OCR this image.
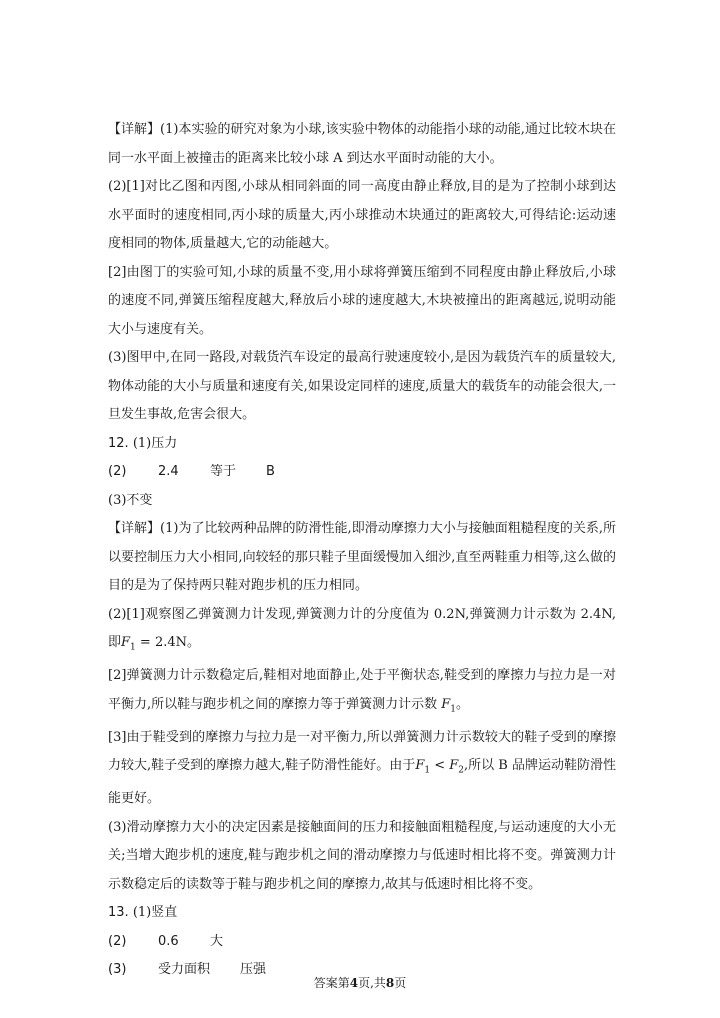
【详解】(1)本实验的研究对象为小球,该实验中物体的动能指小球的动能,通过比较木块在同一水平面上被撞击的距离来比较小球 A 到达水平面时动能的大小。

(2)[1]对比乙图和丙图,小球从相同斜面的同一高度由静止释放,目的是为了控制小球到达水平面时的速度相同,丙小球的质量大,丙小球推动木块通过的距离较大,可得结论:运动速度相同的物体,质量越大,它的动能越大。

[2]由图丁的实验可知,小球的质量不变,用小球将弹簧压缩到不同程度由静止释放后,小球的速度不同,弹簧压缩程度越大,释放后小球的速度越大,木块被撞出的距离越远,说明动能大小与速度有关。

(3)图甲中,在同一路段,对载货汽车设定的最高行驶速度较小,是因为载货汽车的质量较大,物体动能的大小与质量和速度有关,如果设定同样的速度,质量大的载货车的动能会很大,一旦发生事故,危害会很大。

12. (1)压力

(2)	2.4	等于	B

(3)不变

【详解】(1)为了比较两种品牌的防滑性能,即滑动摩擦力大小与接触面粗糙程度的关系,所以要控制压力大小相同,向较轻的那只鞋子里面缓慢加入细沙,直至两鞋重力相等,这么做的目的是为了保持两只鞋对跑步机的压力相同。

(2)[1]观察图乙弹簧测力计发现,弹簧测力计的分度值为 0.2N,弹簧测力计示数为 2.4N,即$F_1 = 2.4N$。

[2]弹簧测力计示数稳定后,鞋相对地面静止,处于平衡状态,鞋受到的摩擦力与拉力是一对平衡力,所以鞋与跑步机之间的摩擦力等于弹簧测力计示数 $F_1$。

[3]由于鞋受到的摩擦力与拉力是一对平衡力,所以弹簧测力计示数较大的鞋子受到的摩擦力较大,鞋子受到的摩擦力越大,鞋子防滑性能好。由于$F_1 < F_2$,所以 B 品牌运动鞋防滑性能更好。

(3)滑动摩擦力大小的决定因素是接触面间的压力和接触面粗糙程度,与运动速度的大小无关;当增大跑步机的速度,鞋与跑步机之间的滑动摩擦力与低速时相比将不变。弹簧测力计示数稳定后的读数等于鞋与跑步机之间的摩擦力,故其与低速时相比将不变。

13. (1)竖直

(2)	0.6	大
(3)	受力面积	压强
答案第4页,共8页
